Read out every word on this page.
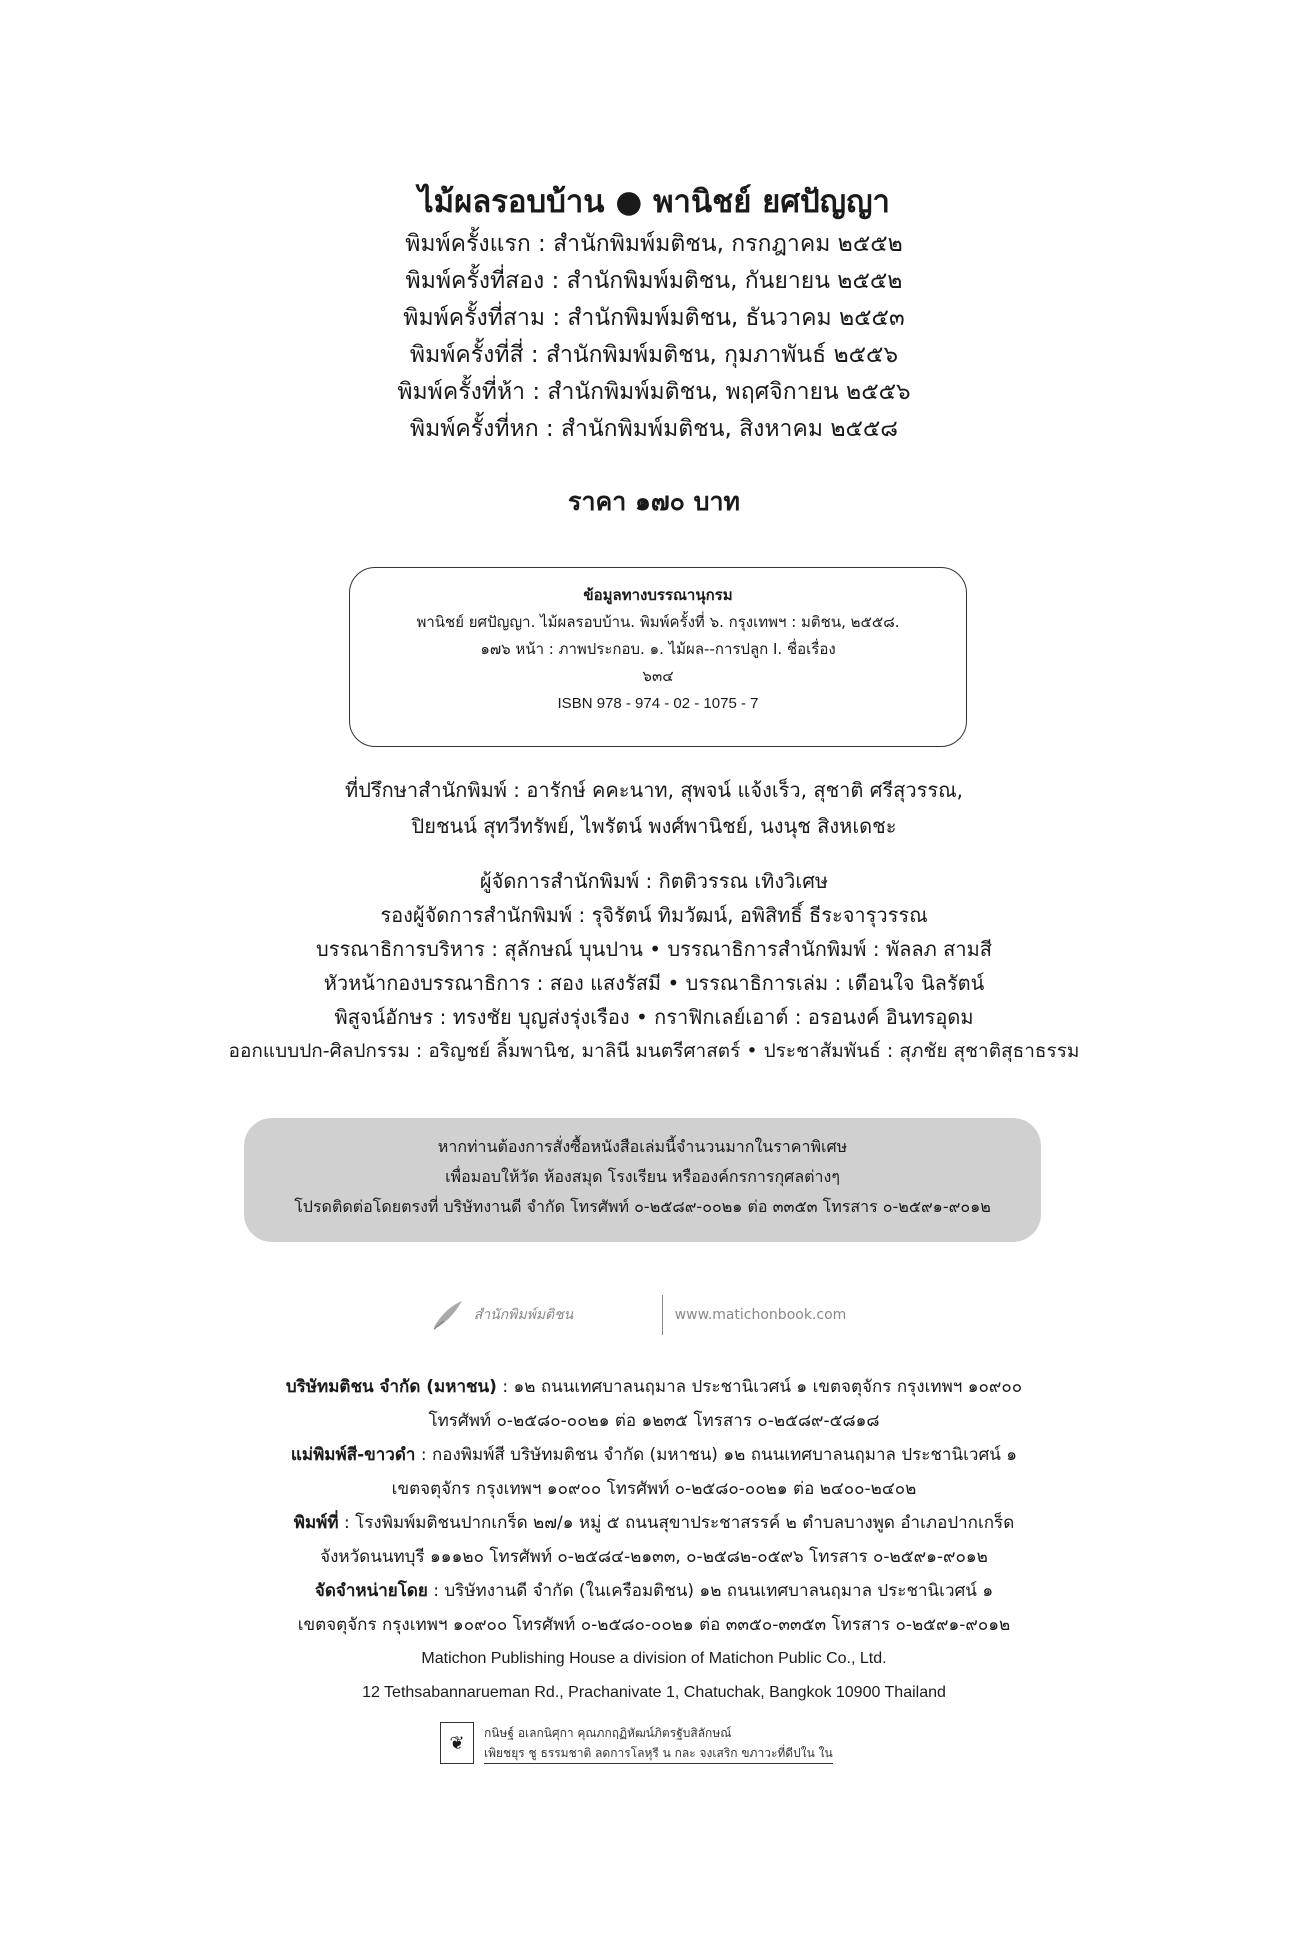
ไม้ผลรอบบ้าน ● พานิชย์ ยศปัญญา
พิมพ์ครั้งแรก : สำนักพิมพ์มติชน, กรกฎาคม ๒๕๕๒
พิมพ์ครั้งที่สอง : สำนักพิมพ์มติชน, กันยายน ๒๕๕๒
พิมพ์ครั้งที่สาม : สำนักพิมพ์มติชน, ธันวาคม ๒๕๕๓
พิมพ์ครั้งที่สี่ : สำนักพิมพ์มติชน, กุมภาพันธ์ ๒๕๕๖
พิมพ์ครั้งที่ห้า : สำนักพิมพ์มติชน, พฤศจิกายน ๒๕๕๖
พิมพ์ครั้งที่หก : สำนักพิมพ์มติชน, สิงหาคม ๒๕๕๘
ราคา ๑๗๐ บาท
ข้อมูลทางบรรณานุกรม
พานิชย์ ยศปัญญา. ไม้ผลรอบบ้าน. พิมพ์ครั้งที่ ๖. กรุงเทพฯ : มติชน, ๒๕๕๘.
๑๗๖ หน้า : ภาพประกอบ. ๑. ไม้ผล--การปลูก I. ชื่อเรื่อง
๖๓๔
ISBN 978 - 974 - 02 - 1075 - 7
ที่ปรึกษาสำนักพิมพ์ : อารักษ์ คคะนาท, สุพจน์ แจ้งเร็ว, สุชาติ ศรีสุวรรณ,
ปิยชนน์ สุทวีทรัพย์, ไพรัตน์ พงศ์พานิชย์, นงนุช สิงหเดชะ
ผู้จัดการสำนักพิมพ์ : กิตติวรรณ เทิงวิเศษ
รองผู้จัดการสำนักพิมพ์ : รุจิรัตน์ ทิมวัฒน์, อพิสิทธิ์ ธีระจารุวรรณ
บรรณาธิการบริหาร : สุลักษณ์ บุนปาน • บรรณาธิการสำนักพิมพ์ : พัลลภ สามสี
หัวหน้ากองบรรณาธิการ : สอง แสงรัสมี • บรรณาธิการเล่ม : เตือนใจ นิลรัตน์
พิสูจน์อักษร : ทรงชัย บุญส่งรุ่งเรือง • กราฟิกเลย์เอาต์ : อรอนงค์ อินทรอุดม
ออกแบบปก-ศิลปกรรม : อริญชย์ ลิ้มพานิช, มาลินี มนตรีศาสตร์ • ประชาสัมพันธ์ : สุภชัย สุชาติสุธาธรรม
หากท่านต้องการสั่งซื้อหนังสือเล่มนี้จำนวนมากในราคาพิเศษ
เพื่อมอบให้วัด ห้องสมุด โรงเรียน หรือองค์กรการกุศลต่างๆ
โปรดติดต่อโดยตรงที่ บริษัทงานดี จำกัด โทรศัพท์ ๐-๒๕๘๙-๐๐๒๑ ต่อ ๓๓๕๓ โทรสาร ๐-๒๕๙๑-๙๐๑๒
สำนักพิมพ์มติชน	www.matichonbook.com
บริษัทมติชน จำกัด (มหาชน) : ๑๒ ถนนเทศบาลนฤมาล ประชานิเวศน์ ๑ เขตจตุจักร กรุงเทพฯ ๑๐๙๐๐
โทรศัพท์ ๐-๒๕๘๐-๐๐๒๑ ต่อ ๑๒๓๕ โทรสาร ๐-๒๕๘๙-๕๘๑๘
แม่พิมพ์สี-ขาวดำ : กองพิมพ์สี บริษัทมติชน จำกัด (มหาชน) ๑๒ ถนนเทศบาลนฤมาล ประชานิเวศน์ ๑
เขตจตุจักร กรุงเทพฯ ๑๐๙๐๐ โทรศัพท์ ๐-๒๕๘๐-๐๐๒๑ ต่อ ๒๔๐๐-๒๔๐๒
พิมพ์ที่ : โรงพิมพ์มติชนปากเกร็ด ๒๗/๑ หมู่ ๕ ถนนสุขาประชาสรรค์ ๒ ตำบลบางพูด อำเภอปากเกร็ด
จังหวัดนนทบุรี ๑๑๑๒๐ โทรศัพท์ ๐-๒๕๘๔-๒๑๓๓, ๐-๒๕๘๒-๐๕๙๖ โทรสาร ๐-๒๕๙๑-๙๐๑๒
จัดจำหน่ายโดย : บริษัทงานดี จำกัด (ในเครือมติชน) ๑๒ ถนนเทศบาลนฤมาล ประชานิเวศน์ ๑
เขตจตุจักร กรุงเทพฯ ๑๐๙๐๐ โทรศัพท์ ๐-๒๕๘๐-๐๐๒๑ ต่อ ๓๓๕๐-๓๓๕๓ โทรสาร ๐-๒๕๙๑-๙๐๑๒
Matichon Publishing House a division of Matichon Public Co., Ltd.
12 Tethsabannarueman Rd., Prachanivate 1, Chatuchak, Bangkok 10900 Thailand
❦	กนิษฐ์ อเลกนิศุกา คุณภกฤฏิหัฒน์ภิตรฐับสิลักษณ์
เพิยชยุร ชู ธรรมชาติ ลดการโลหุรี น กละ จงเสริก ขภาวะที่ดีปใน ใน
